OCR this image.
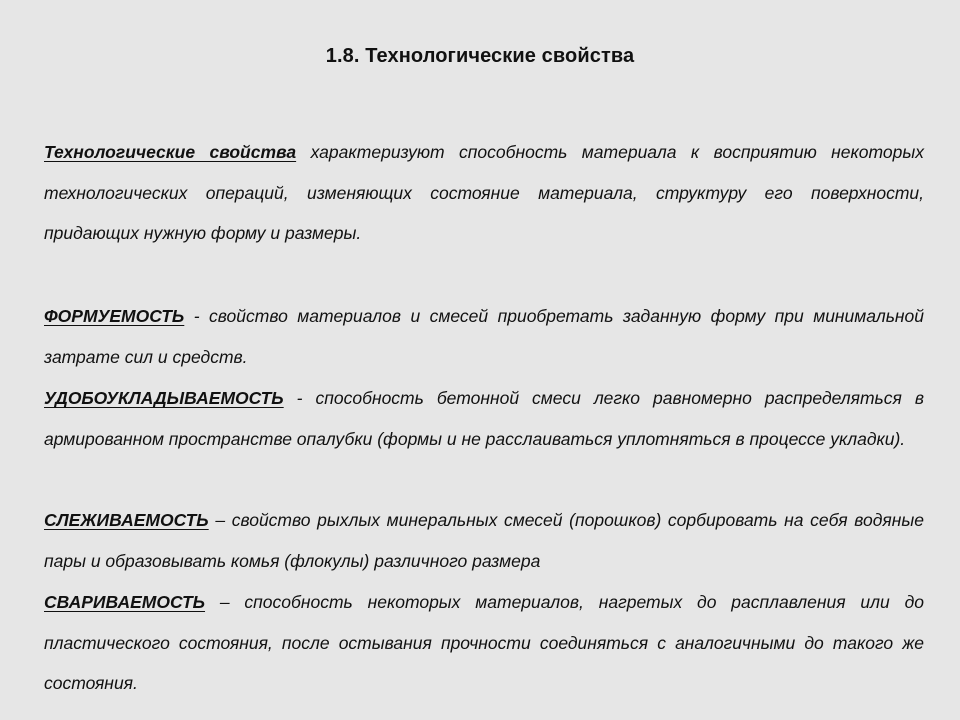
1.8. Технологические свойства
Технологические свойства характеризуют способность материала к восприятию некоторых технологических операций, изменяющих состояние материала, структуру его поверхности, придающих нужную форму и размеры.
ФОРМУЕМОСТЬ - свойство материалов и смесей приобретать заданную форму при минимальной затрате сил и средств.
УДОБОУКЛАДЫВАЕМОСТЬ - способность бетонной смеси легко равномерно распределяться в армированном пространстве опалубки (формы и не расслаиваться уплотняться в процессе укладки).
СЛЕЖИВАЕМОСТЬ – свойство рыхлых минеральных смесей (порошков) сорбировать на себя водяные пары и образовывать комья (флокулы) различного размера
СВАРИВАЕМОСТЬ – способность некоторых материалов, нагретых до расплавления или до пластического состояния, после остывания прочности соединяться с аналогичными до такого же состояния.
